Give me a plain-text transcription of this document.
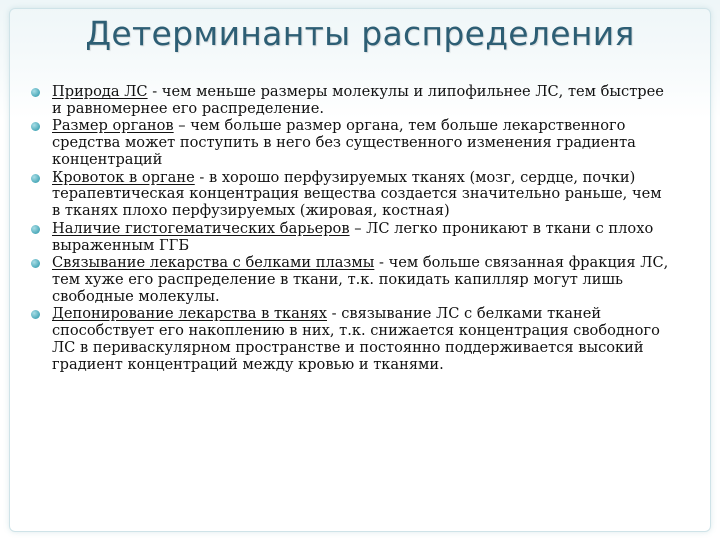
Детерминанты распределения
Природа ЛС - чем меньше размеры молекулы и липофильнее ЛС, тем быстрее и равномернее его распределение.
Размер органов – чем больше размер органа, тем больше лекарственного средства может поступить в него без существенного изменения градиента концентраций
Кровоток в органе - в хорошо перфузируемых тканях (мозг, сердце, почки) терапевтическая концентрация вещества создается значительно раньше, чем в тканях плохо перфузируемых (жировая, костная)
Наличие гистогематических барьеров – ЛС легко проникают в ткани с плохо выраженным ГГБ
Связывание лекарства с белками плазмы - чем больше связанная фракция ЛС, тем хуже его распределение в ткани, т.к. покидать капилляр могут лишь свободные молекулы.
Депонирование лекарства в тканях - связывание ЛС с белками тканей способствует его накоплению в них, т.к. снижается концентрация свободного ЛС в периваскулярном пространстве и постоянно поддерживается высокий градиент концентраций между кровью и тканями.
